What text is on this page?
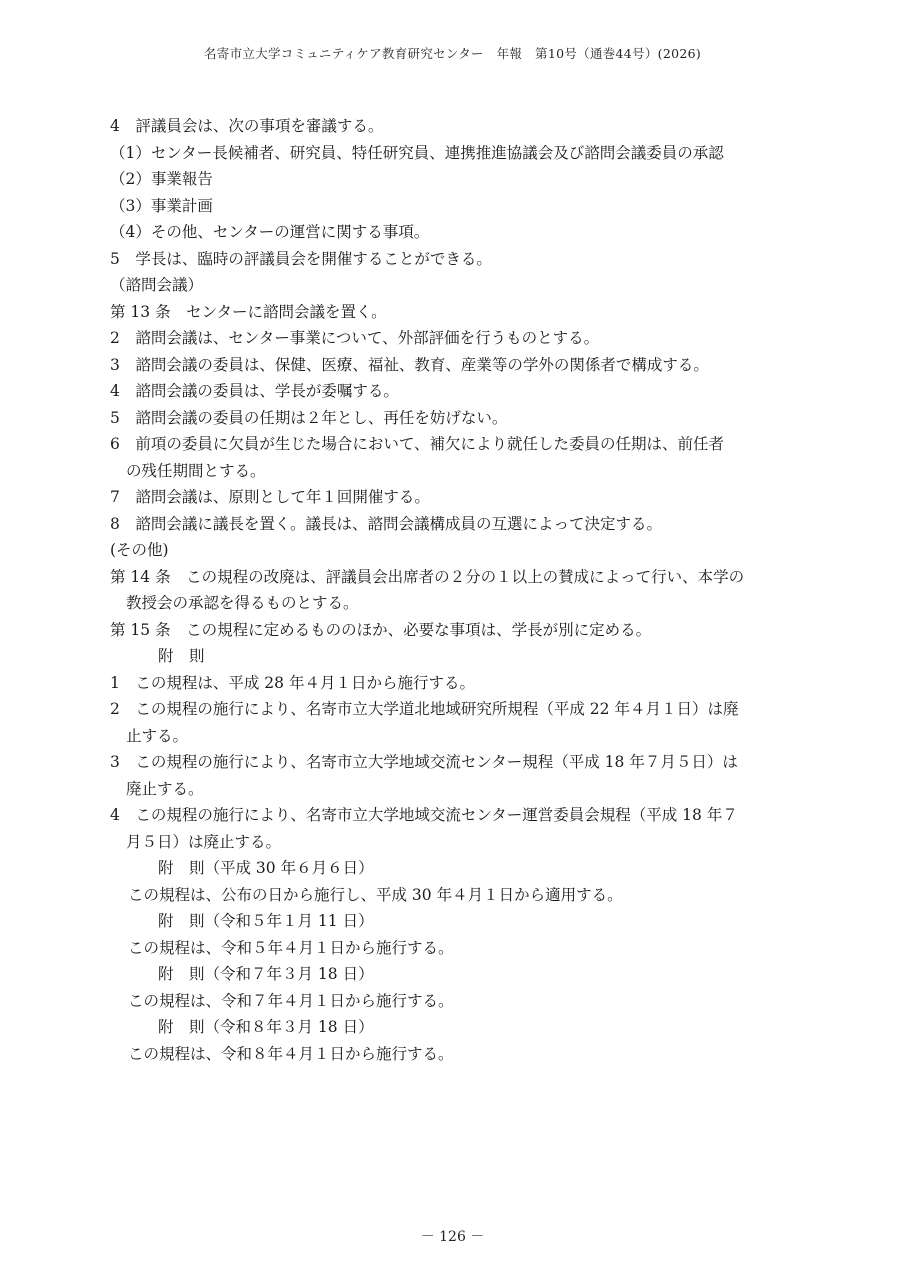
名寄市立大学コミュニティケア教育研究センター　年報　第10号（通巻44号）(2026)
4　評議員会は、次の事項を審議する。
（1）センター長候補者、研究員、特任研究員、連携推進協議会及び諮問会議委員の承認
（2）事業報告
（3）事業計画
（4）その他、センターの運営に関する事項。
5　学長は、臨時の評議員会を開催することができる。
（諮問会議）
第 13 条　センターに諮問会議を置く。
2　諮問会議は、センター事業について、外部評価を行うものとする。
3　諮問会議の委員は、保健、医療、福祉、教育、産業等の学外の関係者で構成する。
4　諮問会議の委員は、学長が委嘱する。
5　諮問会議の委員の任期は２年とし、再任を妨げない。
6　前項の委員に欠員が生じた場合において、補欠により就任した委員の任期は、前任者
の残任期間とする。
7　諮問会議は、原則として年１回開催する。
8　諮問会議に議長を置く。議長は、諮問会議構成員の互選によって決定する。
(その他)
第 14 条　この規程の改廃は、評議員会出席者の２分の１以上の賛成によって行い、本学の
教授会の承認を得るものとする。
第 15 条　この規程に定めるもののほか、必要な事項は、学長が別に定める。
附　則
1　この規程は、平成 28 年４月１日から施行する。
2　この規程の施行により、名寄市立大学道北地域研究所規程（平成 22 年４月１日）は廃
止する。
3　この規程の施行により、名寄市立大学地域交流センター規程（平成 18 年７月５日）は
廃止する。
4　この規程の施行により、名寄市立大学地域交流センター運営委員会規程（平成 18 年７
月５日）は廃止する。
附　則（平成 30 年６月６日）
この規程は、公布の日から施行し、平成 30 年４月１日から適用する。
附　則（令和５年１月 11 日）
この規程は、令和５年４月１日から施行する。
附　則（令和７年３月 18 日）
この規程は、令和７年４月１日から施行する。
附　則（令和８年３月 18 日）
この規程は、令和８年４月１日から施行する。
－ 126 －
